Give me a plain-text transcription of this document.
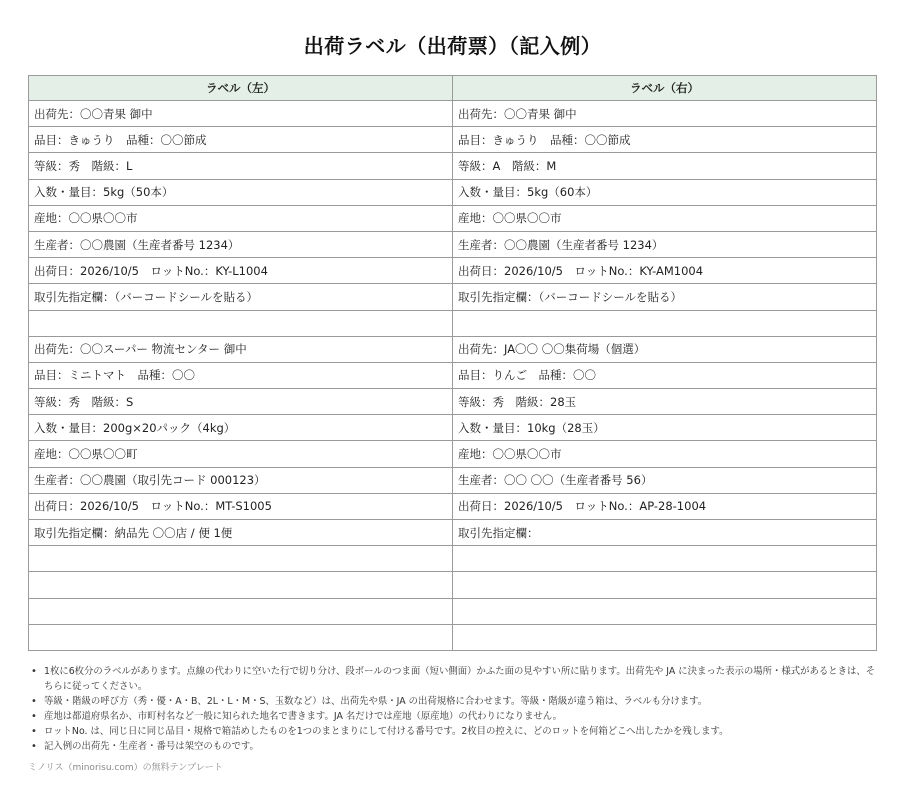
出荷ラベル（出荷票）（記入例）
ラベル（左）	ラベル（右）
出荷先：〇〇青果 御中	出荷先：〇〇青果 御中
品目：きゅうり　品種：〇〇節成	品目：きゅうり　品種：〇〇節成
等級：秀　階級：L	等級：A　階級：M
入数・量目：5kg（50本）	入数・量目：5kg（60本）
産地：〇〇県〇〇市	産地：〇〇県〇〇市
生産者：〇〇農園（生産者番号 1234）	生産者：〇〇農園（生産者番号 1234）
出荷日：2026/10/5　ロットNo.：KY-L1004	出荷日：2026/10/5　ロットNo.：KY-AM1004
取引先指定欄：（バーコードシールを貼る）	取引先指定欄：（バーコードシールを貼る）

出荷先：〇〇スーパー 物流センター 御中	出荷先：JA〇〇 〇〇集荷場（個選）
品目：ミニトマト　品種：〇〇	品目：りんご　品種：〇〇
等級：秀　階級：S	等級：秀　階級：28玉
入数・量目：200g×20パック（4kg）	入数・量目：10kg（28玉）
産地：〇〇県〇〇町	産地：〇〇県〇〇市
生産者：〇〇農園（取引先コード 000123）	生産者：〇〇 〇〇（生産者番号 56）
出荷日：2026/10/5　ロットNo.：MT-S1005	出荷日：2026/10/5　ロットNo.：AP-28-1004
取引先指定欄：納品先 〇〇店 / 便 1便	取引先指定欄：

• 1枚に6枚分のラベルがあります。点線の代わりに空いた行で切り分け、段ボールのつま面（短い側面）かふた面の見やすい所に貼ります。出荷先や JA に決まった表示の場所・様式があるときは、そちらに従ってください。
• 等級・階級の呼び方（秀・優・A・B、2L・L・M・S、玉数など）は、出荷先や県・JA の出荷規格に合わせます。等級・階級が違う箱は、ラベルも分けます。
• 産地は都道府県名か、市町村名など一般に知られた地名で書きます。JA 名だけでは産地（原産地）の代わりになりません。
• ロットNo. は、同じ日に同じ品目・規格で箱詰めしたものを1つのまとまりにして付ける番号です。2枚目の控えに、どのロットを何箱どこへ出したかを残します。
• 記入例の出荷先・生産者・番号は架空のものです。
ミノリス（minorisu.com）の無料テンプレート
